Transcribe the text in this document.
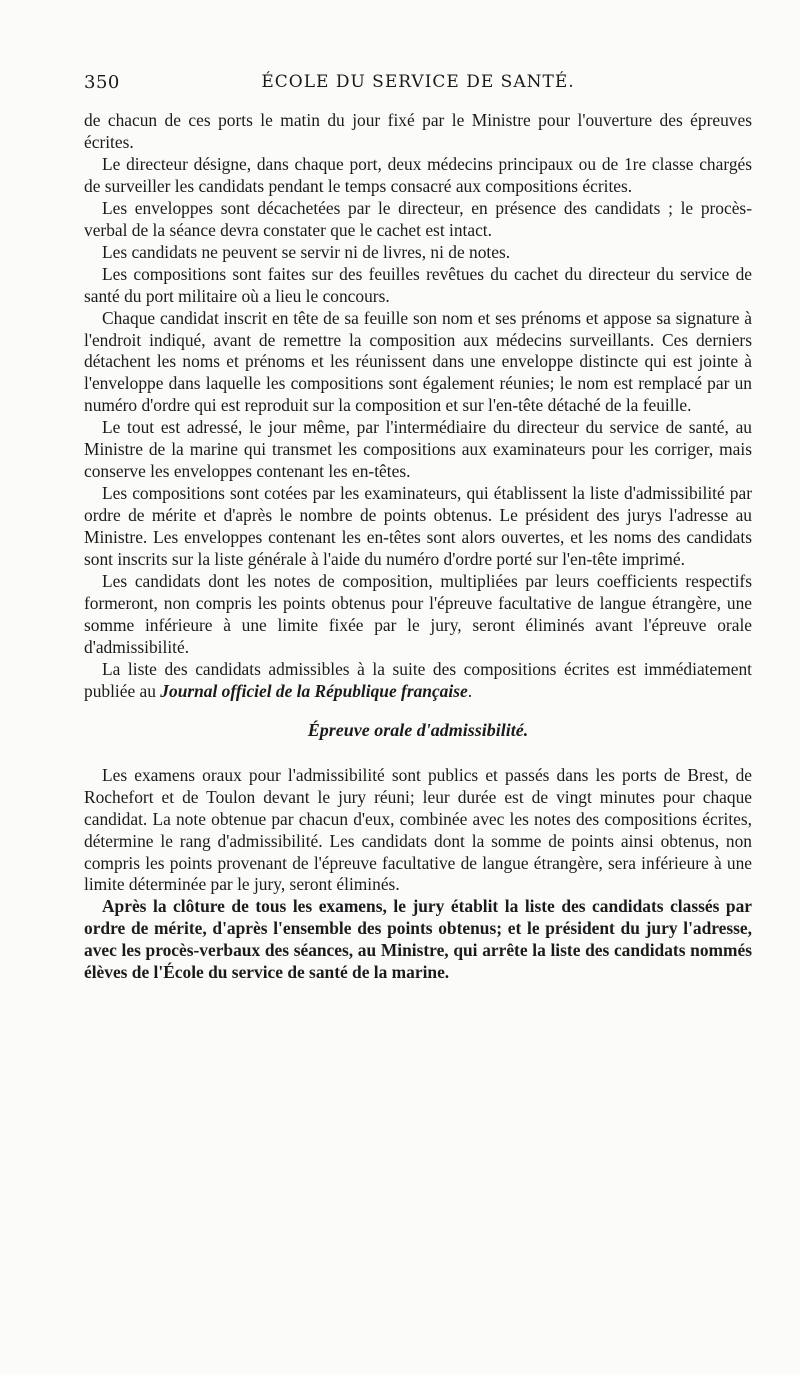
350	ÉCOLE DU SERVICE DE SANTÉ.

de chacun de ces ports le matin du jour fixé par le Ministre pour l'ouverture des épreuves écrites.

Le directeur désigne, dans chaque port, deux médecins principaux ou de 1re classe chargés de surveiller les candidats pendant le temps consacré aux compositions écrites.

Les enveloppes sont décachetées par le directeur, en présence des candidats ; le procès-verbal de la séance devra constater que le cachet est intact.

Les candidats ne peuvent se servir ni de livres, ni de notes.

Les compositions sont faites sur des feuilles revêtues du cachet du directeur du service de santé du port militaire où a lieu le concours.

Chaque candidat inscrit en tête de sa feuille son nom et ses prénoms et appose sa signature à l'endroit indiqué, avant de remettre la composition aux médecins surveillants. Ces derniers détachent les noms et prénoms et les réunissent dans une enveloppe distincte qui est jointe à l'enveloppe dans laquelle les compositions sont également réunies; le nom est remplacé par un numéro d'ordre qui est reproduit sur la composition et sur l'en-tête détaché de la feuille.

Le tout est adressé, le jour même, par l'intermédiaire du directeur du service de santé, au Ministre de la marine qui transmet les compositions aux examinateurs pour les corriger, mais conserve les enveloppes contenant les en-têtes.

Les compositions sont cotées par les examinateurs, qui établissent la liste d'admissibilité par ordre de mérite et d'après le nombre de points obtenus. Le président des jurys l'adresse au Ministre. Les enveloppes contenant les en-têtes sont alors ouvertes, et les noms des candidats sont inscrits sur la liste générale à l'aide du numéro d'ordre porté sur l'en-tête imprimé.

Les candidats dont les notes de composition, multipliées par leurs coefficients respectifs formeront, non compris les points obtenus pour l'épreuve facultative de langue étrangère, une somme inférieure à une limite fixée par le jury, seront éliminés avant l'épreuve orale d'admissibilité.

La liste des candidats admissibles à la suite des compositions écrites est immédiatement publiée au Journal officiel de la République française.

Épreuve orale d'admissibilité.

Les examens oraux pour l'admissibilité sont publics et passés dans les ports de Brest, de Rochefort et de Toulon devant le jury réuni; leur durée est de vingt minutes pour chaque candidat. La note obtenue par chacun d'eux, combinée avec les notes des compositions écrites, détermine le rang d'admissibilité. Les candidats dont la somme de points ainsi obtenus, non compris les points provenant de l'épreuve facultative de langue étrangère, sera inférieure à une limite déterminée par le jury, seront éliminés.

Après la clôture de tous les examens, le jury établit la liste des candidats classés par ordre de mérite, d'après l'ensemble des points obtenus; et le président du jury l'adresse, avec les procès-verbaux des séances, au Ministre, qui arrête la liste des candidats nommés élèves de l'École du service de santé de la marine.
